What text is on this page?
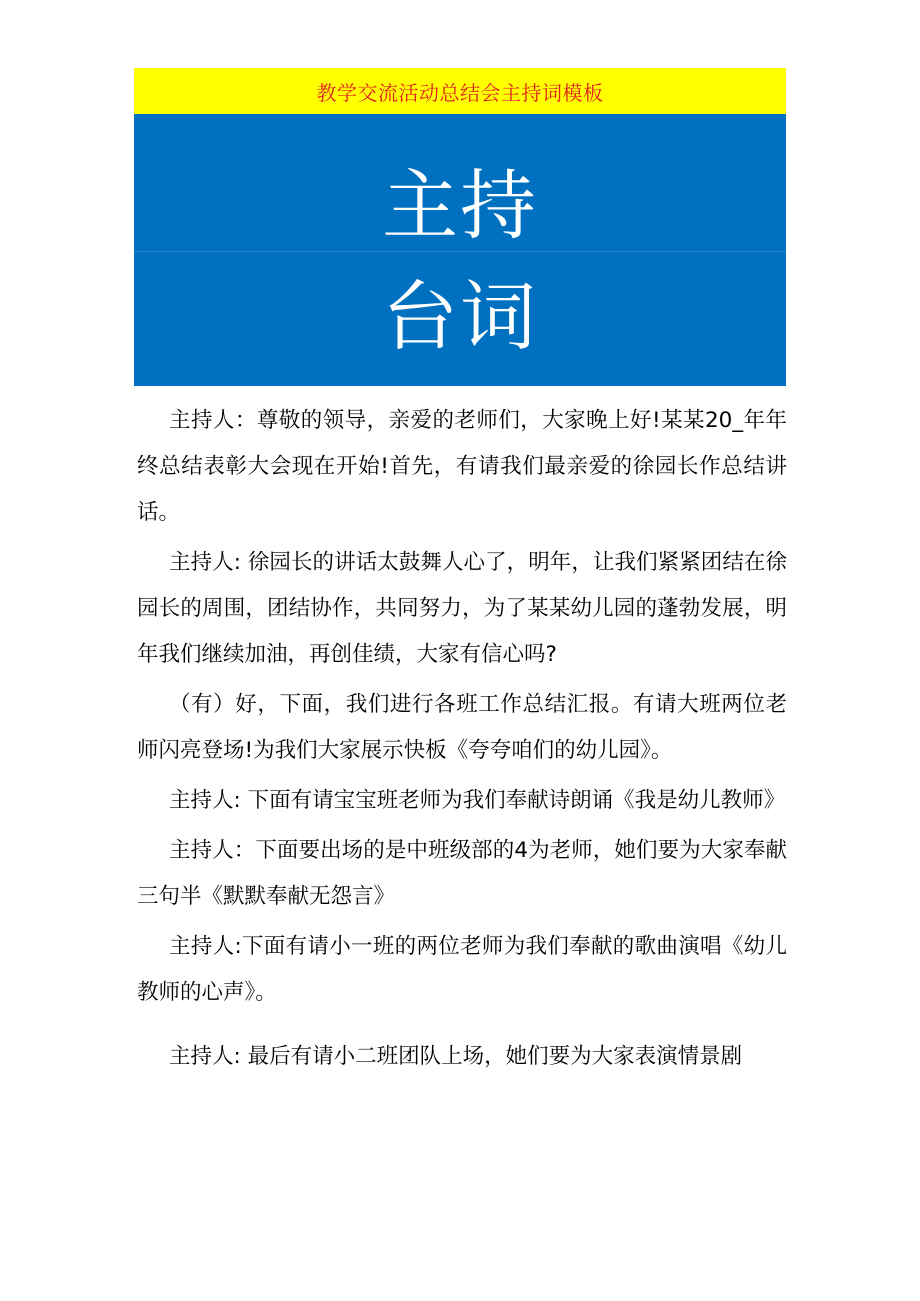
教学交流活动总结会主持词模板
主持
台词

主持人：尊敬的领导，亲爱的老师们，大家晚上好!某某20_年年终总结表彰大会现在开始!首先，有请我们最亲爱的徐园长作总结讲话。

主持人: 徐园长的讲话太鼓舞人心了，明年，让我们紧紧团结在徐园长的周围，团结协作，共同努力，为了某某幼儿园的蓬勃发展，明年我们继续加油，再创佳绩，大家有信心吗?

（有）好，下面，我们进行各班工作总结汇报。有请大班两位老师闪亮登场!为我们大家展示快板《夸夸咱们的幼儿园》。

主持人: 下面有请宝宝班老师为我们奉献诗朗诵《我是幼儿教师》

主持人：下面要出场的是中班级部的4为老师，她们要为大家奉献三句半《默默奉献无怨言》

主持人:下面有请小一班的两位老师为我们奉献的歌曲演唱《幼儿教师的心声》。

主持人: 最后有请小二班团队上场，她们要为大家表演情景剧
